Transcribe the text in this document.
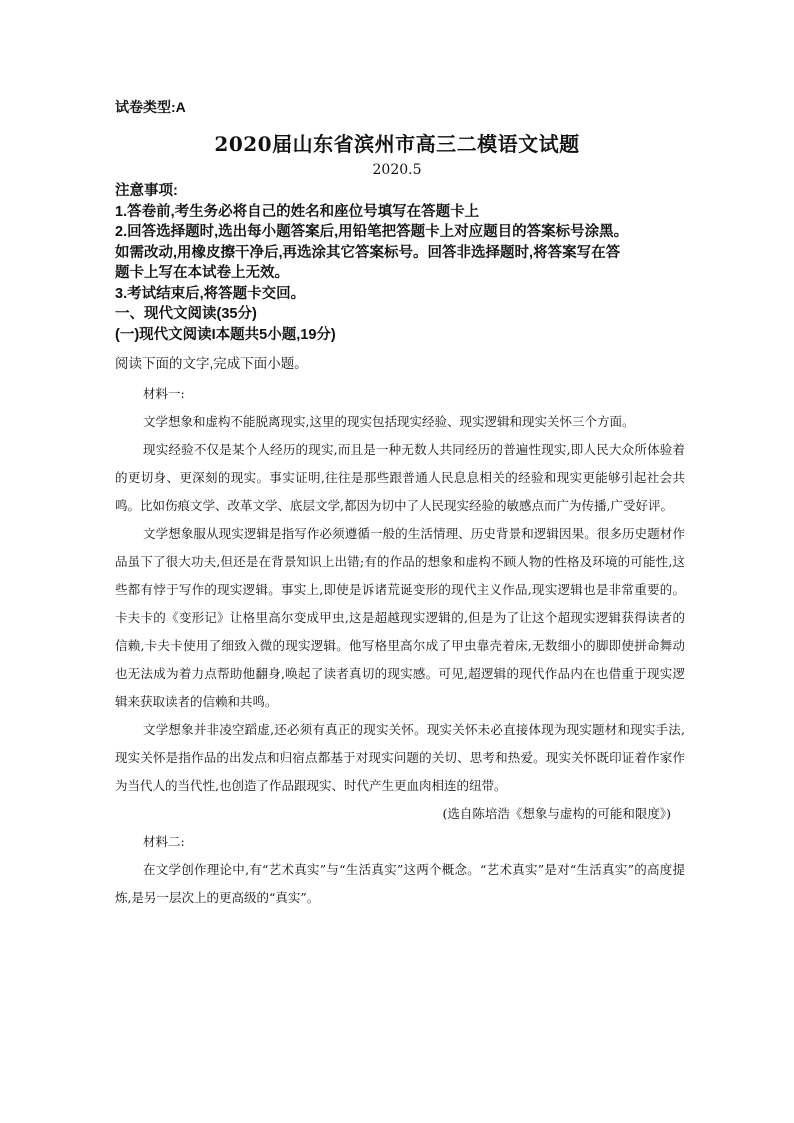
试卷类型:A
2020届山东省滨州市高三二模语文试题
2020.5
注意事项:
1.答卷前,考生务必将自己的姓名和座位号填写在答题卡上
2.回答选择题时,选出每小题答案后,用铅笔把答题卡上对应题目的答案标号涂黑。
如需改动,用橡皮擦干净后,再选涂其它答案标号。回答非选择题时,将答案写在答
题卡上写在本试卷上无效。
3.考试结束后,将答题卡交回。
一、现代文阅读(35分)
(一)现代文阅读I本题共5小题,19分)
阅读下面的文字,完成下面小题。

材料一:

文学想象和虚构不能脱离现实,这里的现实包括现实经验、现实逻辑和现实关怀三个方面。

现实经验不仅是某个人经历的现实,而且是一种无数人共同经历的普遍性现实,即人民大众所体验着的更切身、更深刻的现实。事实证明,往往是那些跟普通人民息息相关的经验和现实更能够引起社会共鸣。比如伤痕文学、改革文学、底层文学,都因为切中了人民现实经验的敏感点而广为传播,广受好评。

文学想象服从现实逻辑是指写作必须遵循一般的生活情理、历史背景和逻辑因果。很多历史题材作品虽下了很大功夫,但还是在背景知识上出错;有的作品的想象和虚构不顾人物的性格及环境的可能性,这些都有悖于写作的现实逻辑。事实上,即使是诉诸荒诞变形的现代主义作品,现实逻辑也是非常重要的。卡夫卡的《变形记》让格里高尔变成甲虫,这是超越现实逻辑的,但是为了让这个超现实逻辑获得读者的信赖,卡夫卡使用了细致入微的现实逻辑。他写格里高尔成了甲虫靠壳着床,无数细小的脚即使拼命舞动也无法成为着力点帮助他翻身,唤起了读者真切的现实感。可见,超逻辑的现代作品内在也借重于现实逻辑来获取读者的信赖和共鸣。

文学想象并非凌空蹈虚,还必须有真正的现实关怀。现实关怀未必直接体现为现实题材和现实手法,现实关怀是指作品的出发点和归宿点都基于对现实问题的关切、思考和热爱。现实关怀既印证着作家作为当代人的当代性,也创造了作品跟现实、时代产生更血肉相连的纽带。

(选自陈培浩《想象与虚构的可能和限度》)

材料二:

在文学创作理论中,有“艺术真实”与“生活真实”这两个概念。“艺术真实”是对“生活真实”的高度提炼,是另一层次上的更高级的“真实”。
